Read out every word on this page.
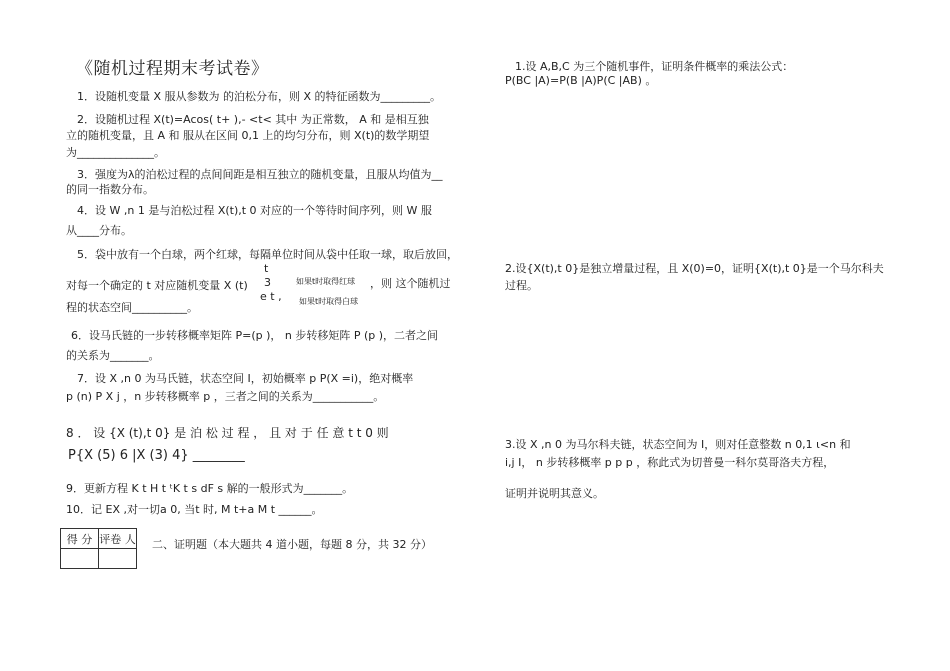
《随机过程期末考试卷》
1．设随机变量 X 服从参数为 的泊松分布，则 X 的特征函数为_________。
2．设随机过程 X(t)=Acos( t+ ),- <t< 其中 为正常数， A 和 是相互独
立的随机变量，且 A 和 服从在区间 0,1 上的均匀分布，则 X(t)的数学期望
为______________。
3．强度为λ的泊松过程的点间间距是相互独立的随机变量，且服从均值为__
的同一指数分布。
4．设 W ,n 1 是与泊松过程 X(t),t 0 对应的一个等待时间序列，则 W 服
从____分布。
5．袋中放有一个白球，两个红球，每隔单位时间从袋中任取一球，取后放回，
对每一个确定的 t 对应随机变量 X (t)
t
3
e t ,
如果t时取得红球
如果t时取得白球
，则 这个随机过
程的状态空间__________。
6．设马氏链的一步转移概率矩阵 P=(p )， n 步转移矩阵 P (p )，二者之间
的关系为_______。
7．设 X ,n 0 为马氏链，状态空间 I，初始概率 p P(X =i)，绝对概率
p (n) P X j ，n 步转移概率 p ，三者之间的关系为___________。
8 ． 设 {X (t),t 0} 是 泊 松 过 程 ， 且 对 于 任 意 t t 0 则
P{X (5) 6 |X (3) 4} ________
9．更新方程 K t H t ᵗK t s dF s 解的一般形式为_______。
10．记 EX ,对一切a 0, 当t 时, M t+a M t ______。
得 分	评卷 人
	二、证明题（本大题共 4 道小题，每题 8 分，共 32 分）
1.设 A,B,C 为三个随机事件，证明条件概率的乘法公式：
P(BC |A)=P(B |A)P(C |AB) 。
2.设{X(t),t 0}是独立增量过程，且 X(0)=0，证明{X(t),t 0}是一个马尔科夫
过程。
3.设 X ,n 0 为马尔科夫链，状态空间为 I，则对任意整数 n 0,1 ι<n 和
i,j I， n 步转移概率 p p p ，称此式为切普曼一科尔莫哥洛夫方程，
证明并说明其意义。
